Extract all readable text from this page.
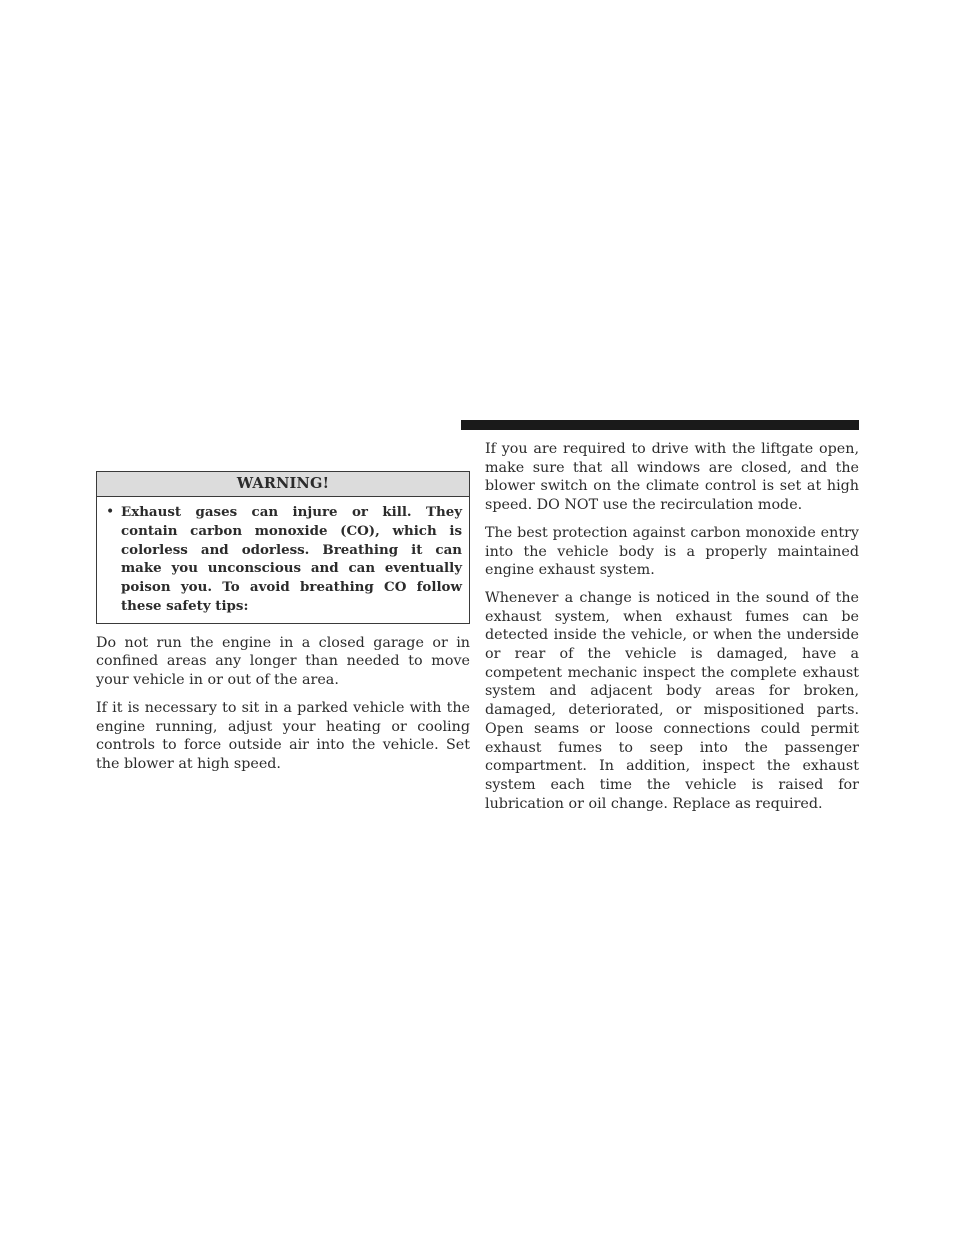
WARNING!
• Exhaust gases can injure or kill. They contain carbon monoxide (CO), which is colorless and odorless. Breathing it can make you unconscious and can eventually poison you. To avoid breathing CO follow these safety tips:

Do not run the engine in a closed garage or in confined areas any longer than needed to move your vehicle in or out of the area.

If it is necessary to sit in a parked vehicle with the engine running, adjust your heating or cooling controls to force outside air into the vehicle. Set the blower at high speed.

If you are required to drive with the liftgate open, make sure that all windows are closed, and the blower switch on the climate control is set at high speed. DO NOT use the recirculation mode.

The best protection against carbon monoxide entry into the vehicle body is a properly maintained engine exhaust system.

Whenever a change is noticed in the sound of the exhaust system, when exhaust fumes can be detected inside the vehicle, or when the underside or rear of the vehicle is damaged, have a competent mechanic inspect the complete exhaust system and adjacent body areas for broken, damaged, deteriorated, or mispositioned parts. Open seams or loose connections could permit exhaust fumes to seep into the passenger compartment. In addition, inspect the exhaust system each time the vehicle is raised for lubrication or oil change. Replace as required.
